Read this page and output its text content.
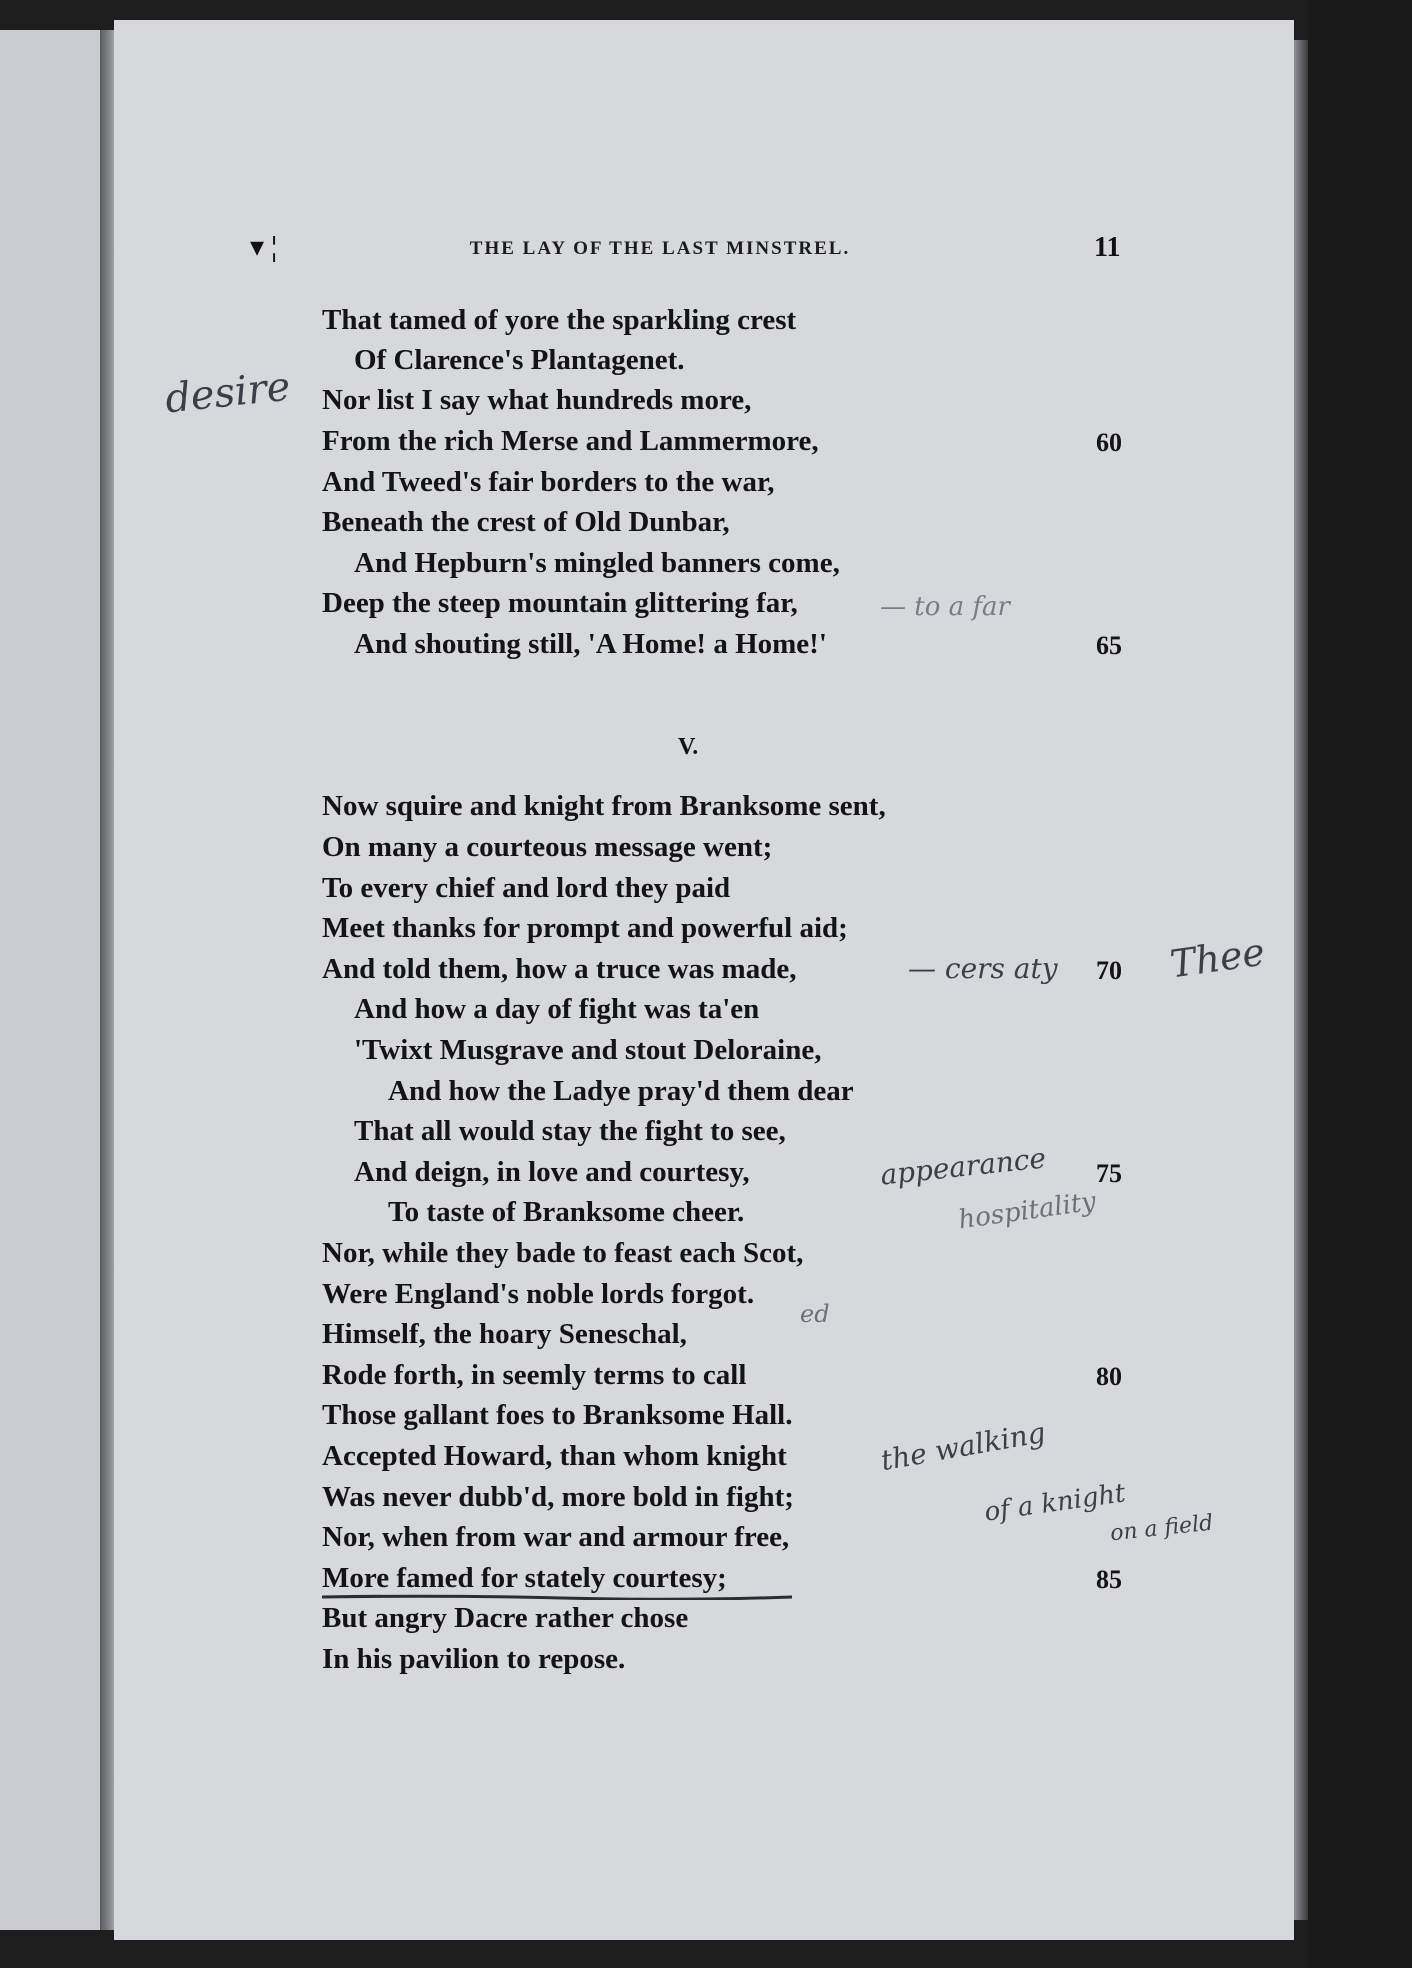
▾ ¦	THE LAY OF THE LAST MINSTREL.	11
That tamed of yore the sparkling crest
Of Clarence's Plantagenet.
Nor list I say what hundreds more,
From the rich Merse and Lammermore,
And Tweed's fair borders to the war,
Beneath the crest of Old Dunbar,
And Hepburn's mingled banners come,
Deep the steep mountain glittering far,
And shouting still, 'A Home! a Home!'
V.
Now squire and knight from Branksome sent,
On many a courteous message went;
To every chief and lord they paid
Meet thanks for prompt and powerful aid;
And told them, how a truce was made,
And how a day of fight was ta'en
'Twixt Musgrave and stout Deloraine,
And how the Ladye pray'd them dear
That all would stay the fight to see,
And deign, in love and courtesy,
To taste of Branksome cheer.
Nor, while they bade to feast each Scot,
Were England's noble lords forgot.
Himself, the hoary Seneschal,
Rode forth, in seemly terms to call
Those gallant foes to Branksome Hall.
Accepted Howard, than whom knight
Was never dubb'd, more bold in fight;
Nor, when from war and armour free,
More famed for stately courtesy;
But angry Dacre rather chose
In his pavilion to repose.
60
65
70
75
80
85
desire
— to a far
— cers aty	Thee
appearance
hospitality
ed
the walking
of a knight
on a field
